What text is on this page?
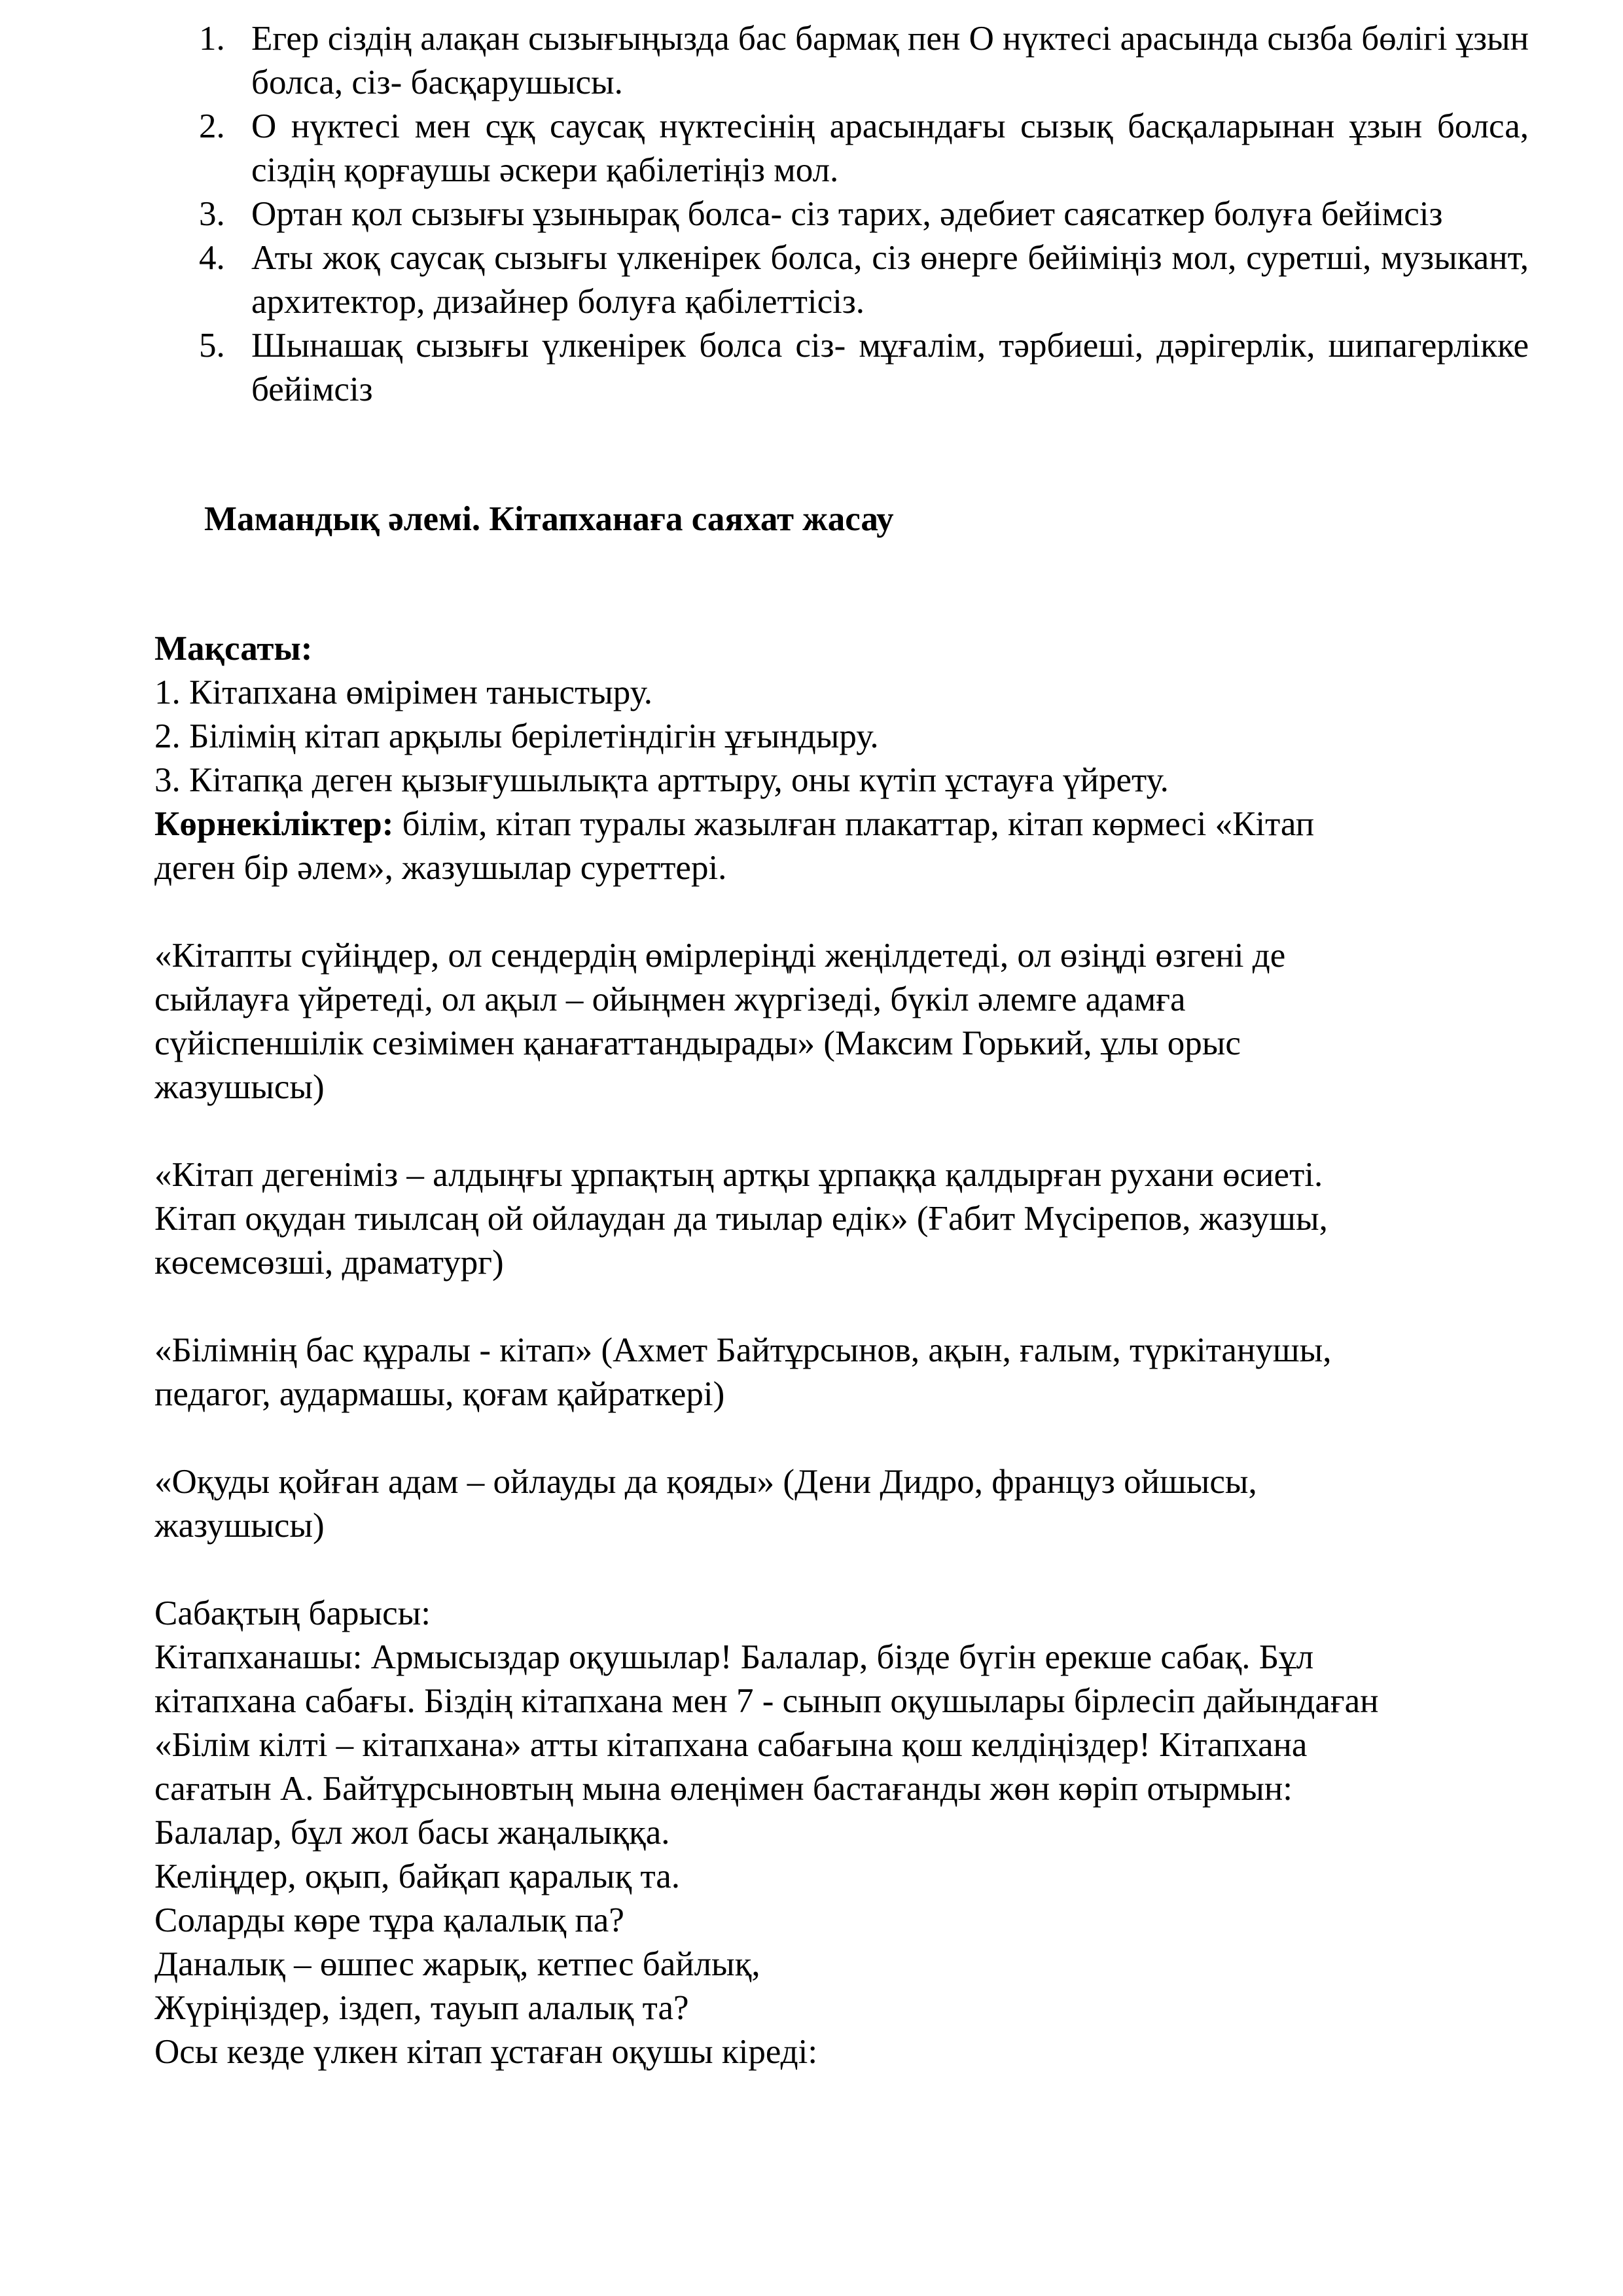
1. Егер сіздің алақан сызығыңызда бас бармақ пен О нүктесі арасында сызба бөлігі ұзын болса, сіз- басқарушысы.
2. О нүктесі мен сұқ саусақ нүктесінің арасындағы сызық басқаларынан ұзын болса, сіздің қорғаушы әскери қабілетіңіз мол.
3. Ортан қол сызығы ұзынырақ болса- сіз тарих, әдебиет саясаткер болуға бейімсіз
4. Аты жоқ саусақ сызығы үлкенірек болса, сіз өнерге бейіміңіз мол, суретші, музыкант, архитектор, дизайнер болуға қабілеттісіз.
5. Шынашақ сызығы үлкенірек болса сіз- мұғалім, тәрбиеші, дәрігерлік, шипагерлікке бейімсіз
Мамандық әлемі. Кітапханаға саяхат жасау
Мақсаты:
1. Кітапхана өмірімен таныстыру.
2. Білімің кітап арқылы берілетіндігін ұғындыру.
3. Кітапқа деген қызығушылықта арттыру, оны күтіп ұстауға үйрету.
Көрнекіліктер: білім, кітап туралы жазылған плакаттар, кітап көрмесі «Кітап
деген бір әлем», жазушылар суреттері.
«Кітапты сүйіңдер, ол сендердің өмірлеріңді жеңілдетеді, ол өзіңді өзгені де
сыйлауға үйретеді, ол ақыл – ойыңмен жүргізеді, бүкіл әлемге адамға
сүйіспеншілік сезімімен қанағаттандырады» (Максим Горький, ұлы орыс
жазушысы)
«Кітап дегеніміз – алдыңғы ұрпақтың артқы ұрпаққа қалдырған рухани өсиеті.
Кітап оқудан тиылсаң ой ойлаудан да тиылар едік» (Ғабит Мүсірепов, жазушы,
көсемсөзші, драматург)
«Білімнің бас құралы - кітап» (Ахмет Байтұрсынов, ақын, ғалым, түркітанушы,
педагог, аудармашы, қоғам қайраткері)
«Оқуды қойған адам – ойлауды да қояды» (Дени Дидро, француз ойшысы,
жазушысы)
Сабақтың барысы:
Кітапханашы: Армысыздар оқушылар! Балалар, бізде бүгін ерекше сабақ. Бұл
кітапхана сабағы. Біздің кітапхана мен 7 - сынып оқушылары бірлесіп дайындаған
«Білім кілті – кітапхана» атты кітапхана сабағына қош келдіңіздер! Кітапхана
сағатын А. Байтұрсыновтың мына өлеңімен бастағанды жөн көріп отырмын:
Балалар, бұл жол басы жаңалыққа.
Келіңдер, оқып, байқап қаралық та.
Соларды көре тұра қалалық па?
Даналық – өшпес жарық, кетпес байлық,
Жүріңіздер, іздеп, тауып алалық та?
Осы кезде үлкен кітап ұстаған оқушы кіреді:
